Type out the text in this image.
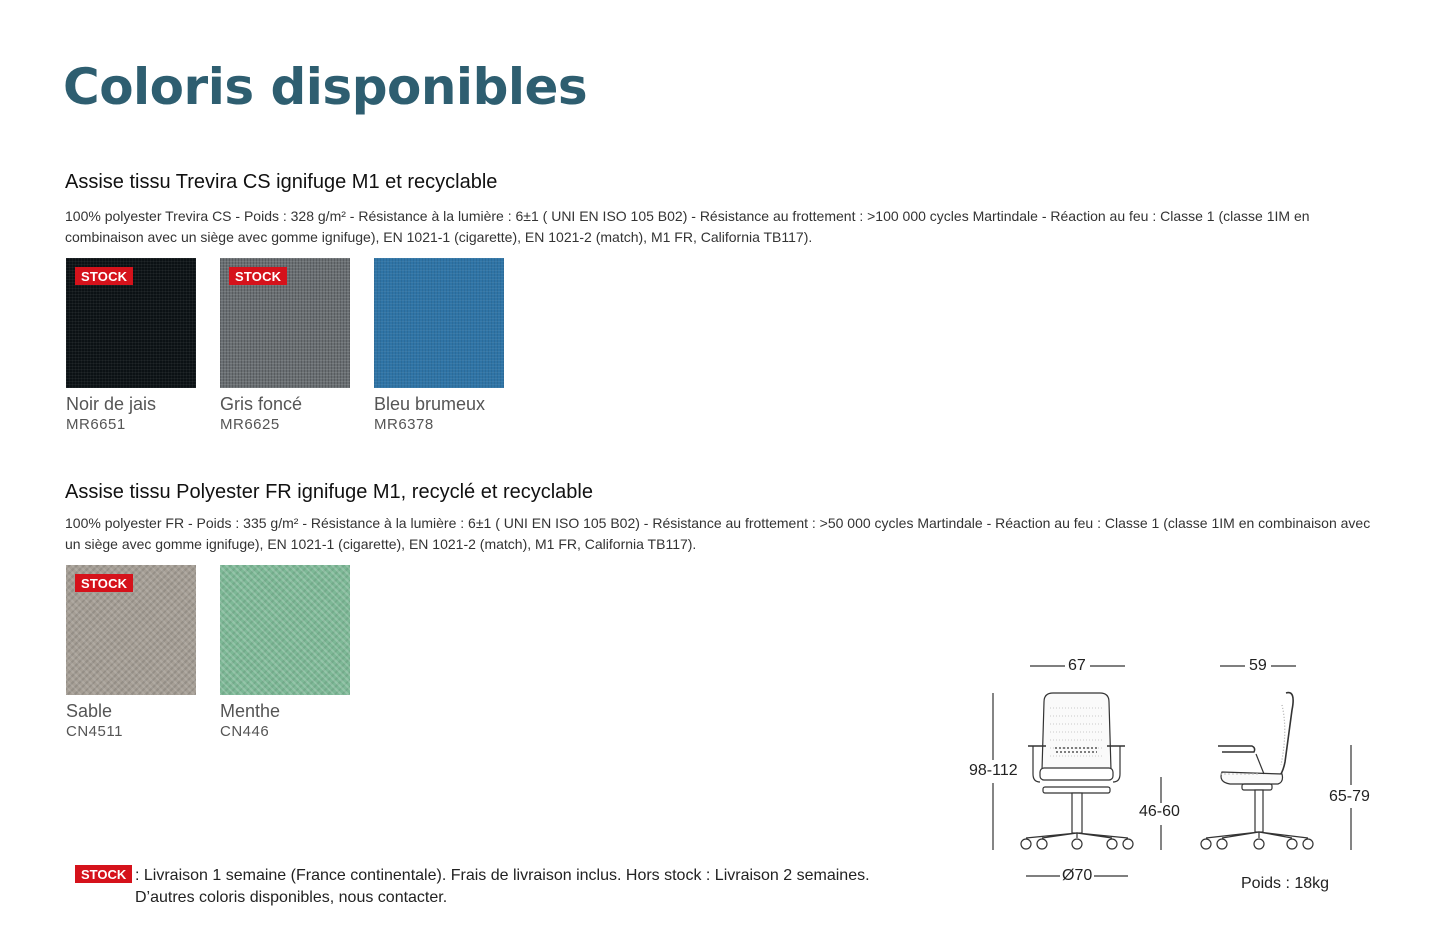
Coloris disponibles
Assise tissu Trevira CS ignifuge M1 et recyclable

100% polyester Trevira CS - Poids : 328 g/m² - Résistance à la lumière : 6±1 ( UNI EN ISO 105 B02) - Résistance au frottement : >100 000 cycles Martindale - Réaction au feu : Classe 1 (classe 1IM en combinaison avec un siège avec gomme ignifuge), EN 1021-1 (cigarette), EN 1021-2 (match), M1 FR, California TB117).

STOCK
Noir de jais
MR6651
STOCK
Gris foncé
MR6625
Bleu brumeux
MR6378
Assise tissu Polyester FR ignifuge M1, recyclé et recyclable

100% polyester FR - Poids : 335 g/m² - Résistance à la lumière : 6±1 ( UNI EN ISO 105 B02) - Résistance au frottement : >50 000 cycles Martindale - Réaction au feu : Classe 1 (classe 1IM en combinaison avec un siège avec gomme ignifuge), EN 1021-1 (cigarette), EN 1021-2 (match), M1 FR, California TB117).

STOCK
Sable
CN4511
Menthe
CN446
STOCK : Livraison 1 semaine (France continentale). Frais de livraison inclus. Hors stock : Livraison 2 semaines.
D’autres coloris disponibles, nous contacter.

67	59
98-112
46-60
65-79
Ø70	Poids : 18kg
